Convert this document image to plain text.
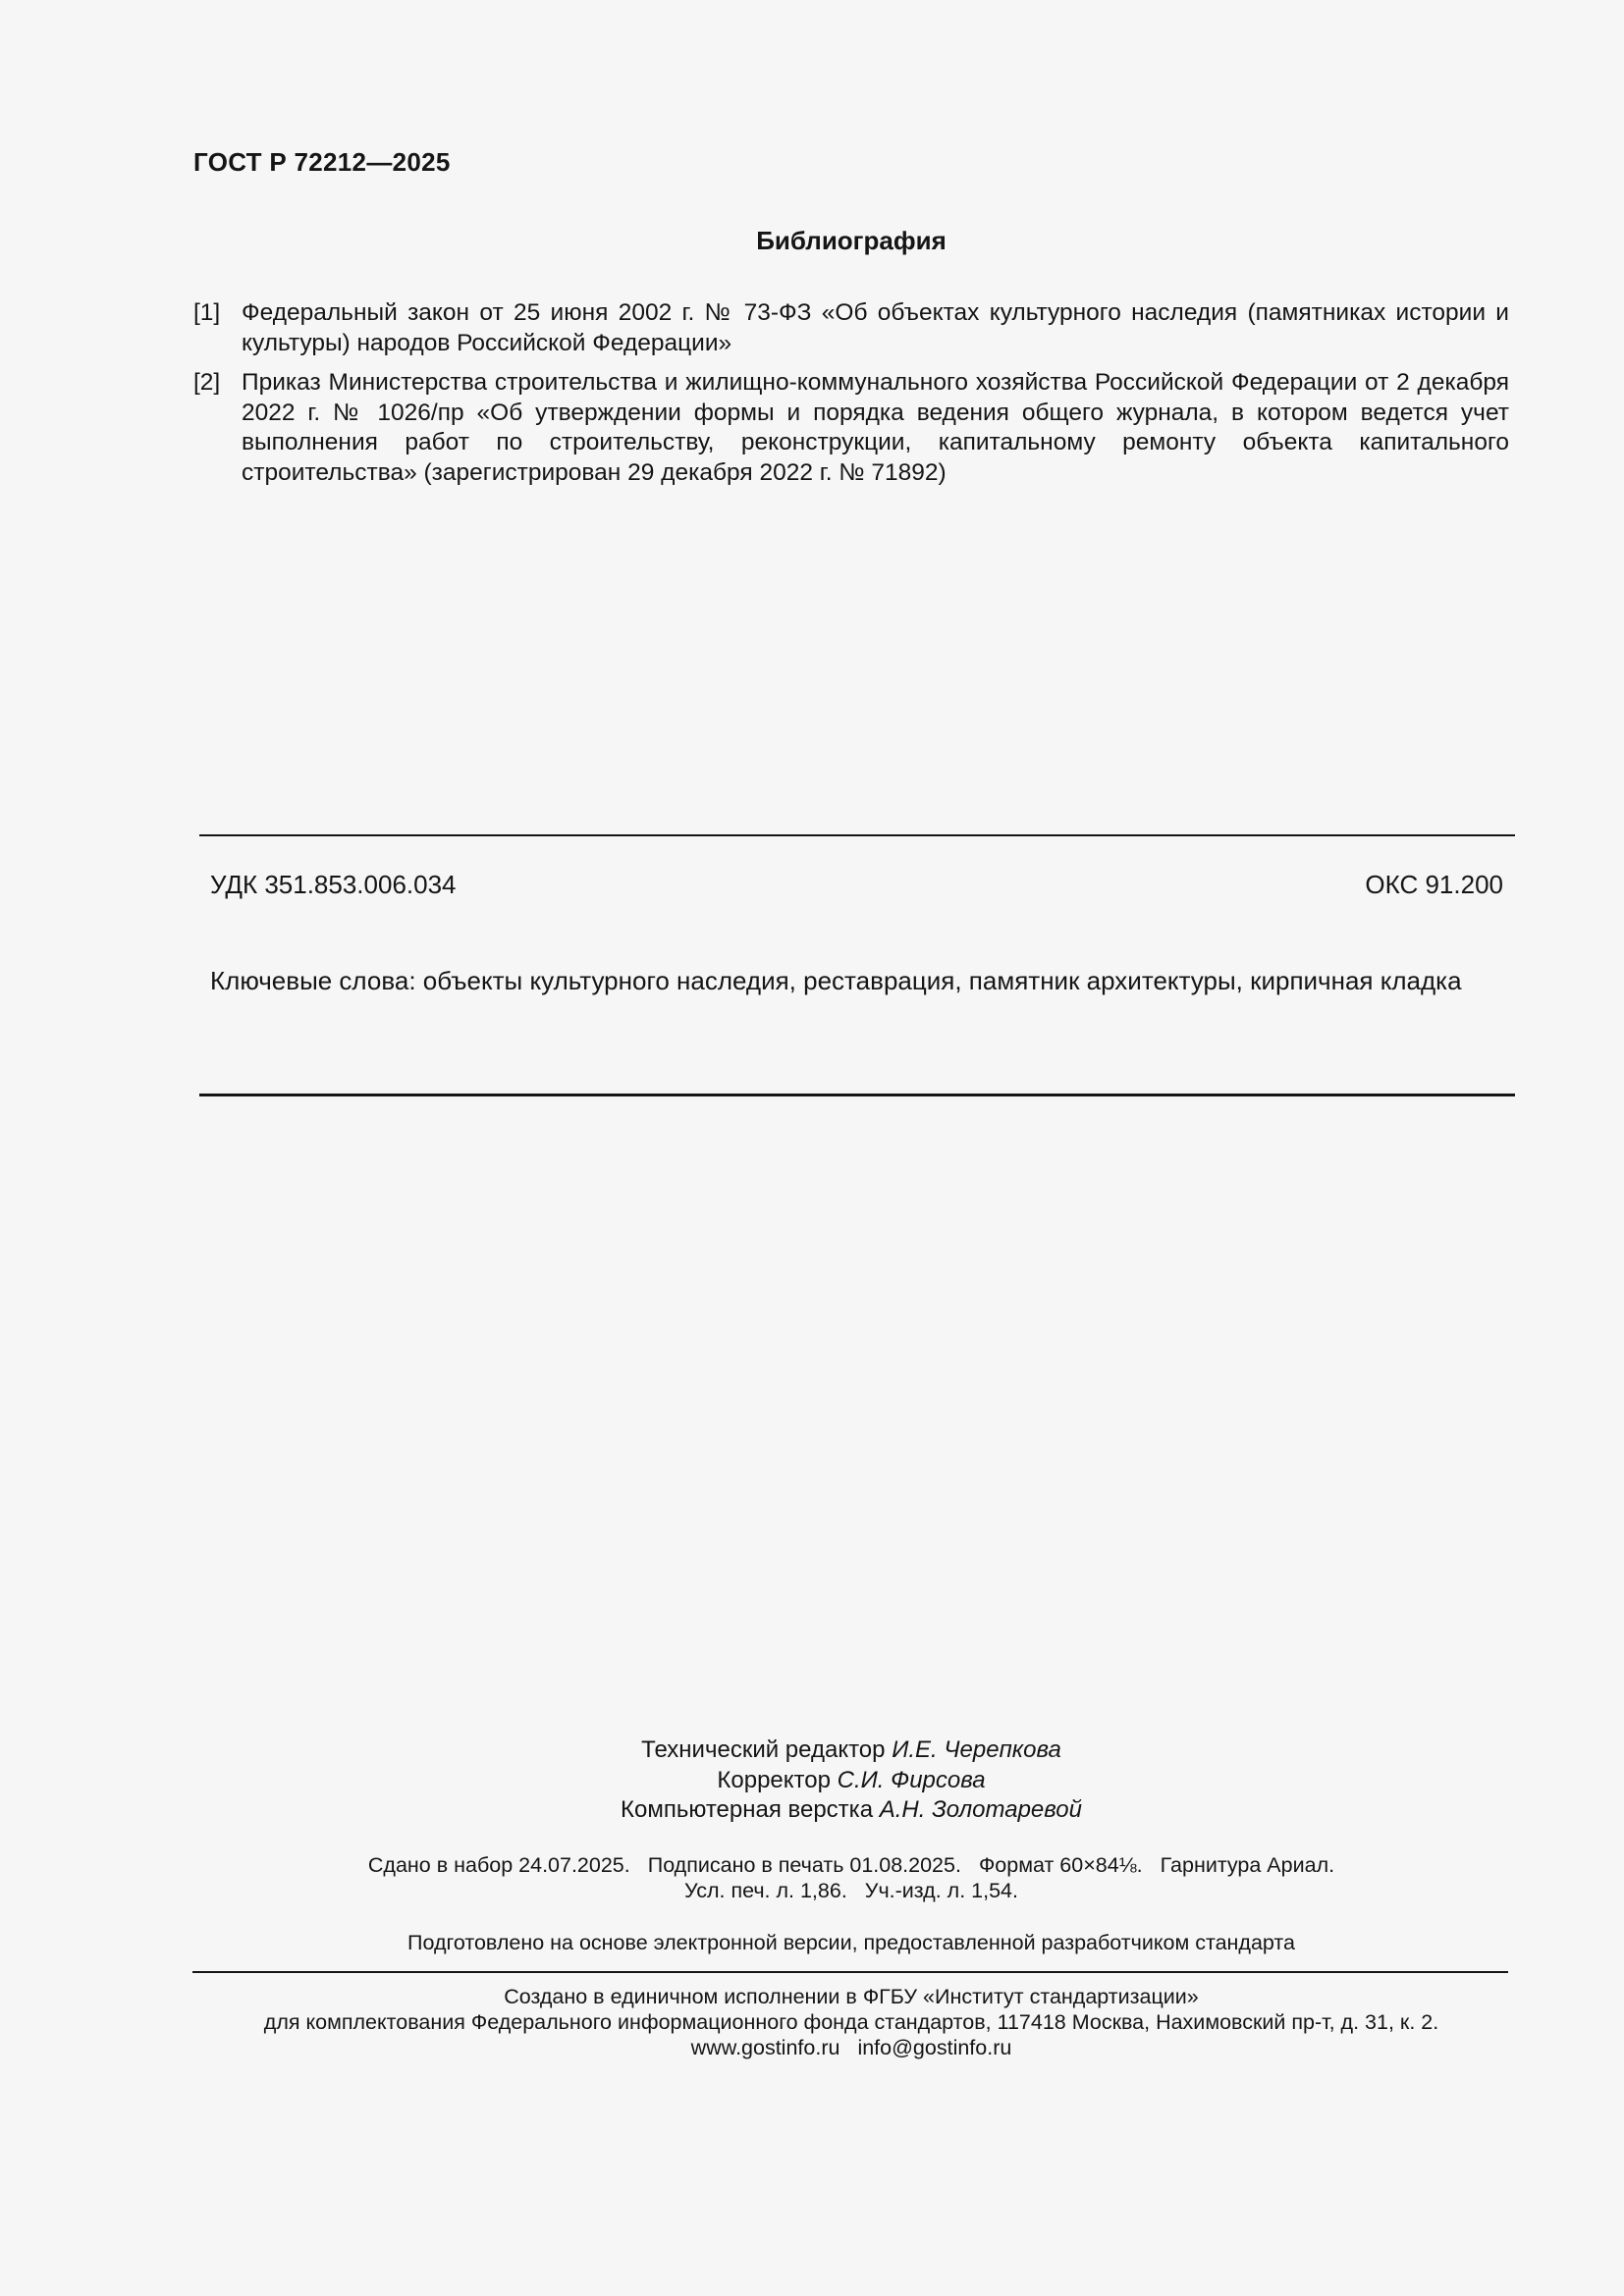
ГОСТ Р 72212—2025
Библиография
[1] Федеральный закон от 25 июня 2002 г. № 73-ФЗ «Об объектах культурного наследия (памятниках истории и культуры) народов Российской Федерации»
[2] Приказ Министерства строительства и жилищно-коммунального хозяйства Российской Федерации от 2 декабря 2022 г. № 1026/пр «Об утверждении формы и порядка ведения общего журнала, в котором ведется учет выполнения работ по строительству, реконструкции, капитальному ремонту объекта капитального строительства» (зарегистрирован 29 декабря 2022 г. № 71892)
УДК 351.853.006.034	ОКС 91.200
Ключевые слова: объекты культурного наследия, реставрация, памятник архитектуры, кирпичная кладка
Технический редактор И.Е. Черепкова
Корректор С.И. Фирсова
Компьютерная верстка А.Н. Золотаревой
Сдано в набор 24.07.2025. Подписано в печать 01.08.2025. Формат 60×84⅛. Гарнитура Ариал.
Усл. печ. л. 1,86. Уч.-изд. л. 1,54.
Подготовлено на основе электронной версии, предоставленной разработчиком стандарта
Создано в единичном исполнении в ФГБУ «Институт стандартизации»
для комплектования Федерального информационного фонда стандартов, 117418 Москва, Нахимовский пр-т, д. 31, к. 2.
www.gostinfo.ru info@gostinfo.ru
